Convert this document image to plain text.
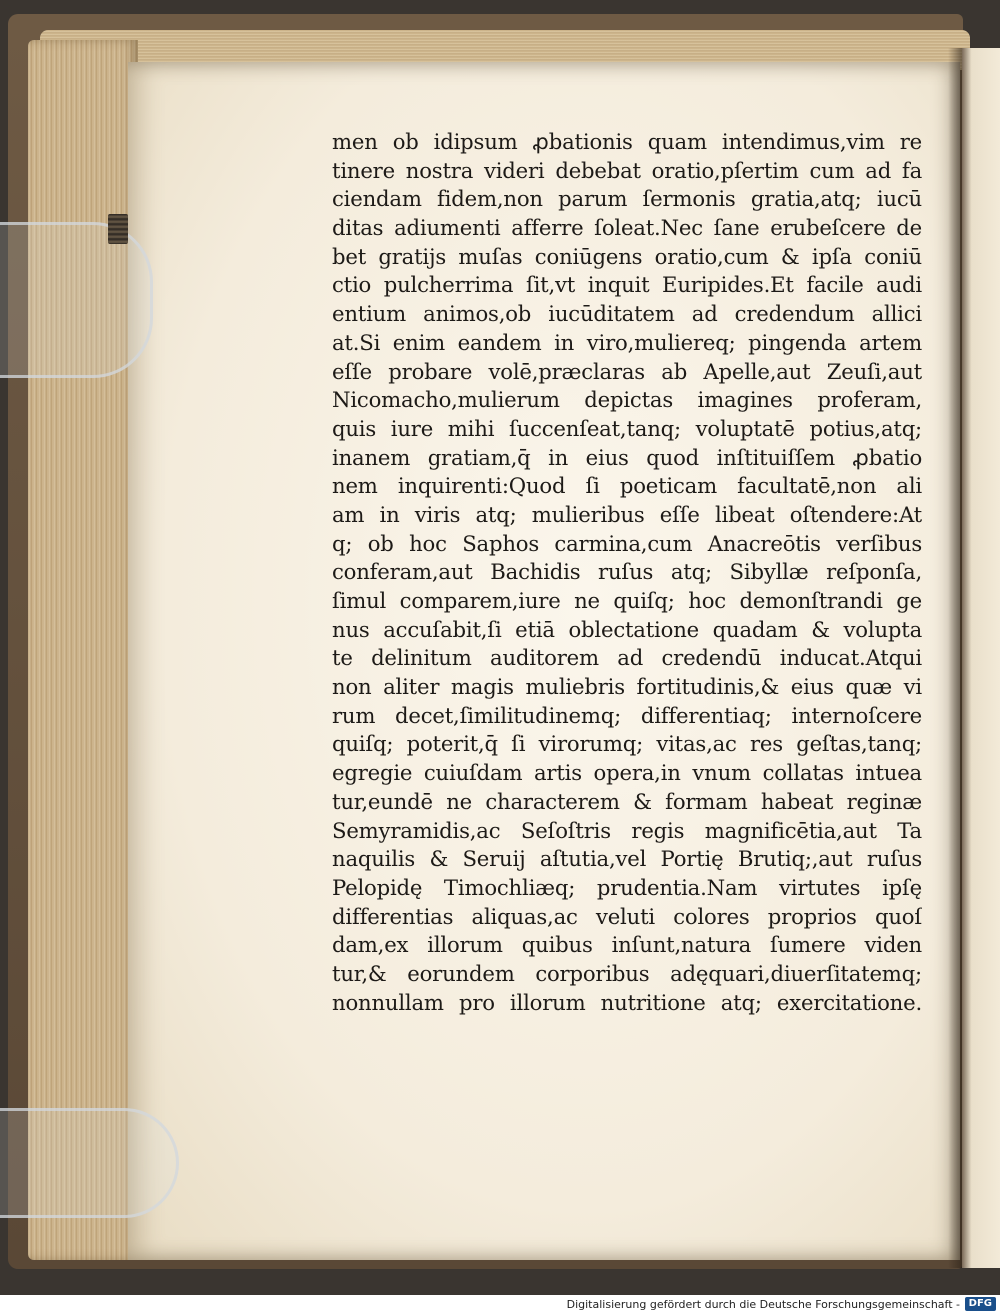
men ob idipsum ꝓbationis quam intendimus,vim re
tinere nostra videri debebat oratio,pſertim cum ad fa
ciendam fidem,non parum ſermonis gratia,atq; iucū
ditas adiumenti afferre ſoleat.Nec ſane erubeſcere de
bet gratijs muſas coniūgens oratio,cum & ipſa coniū
ctio pulcherrima ſit,vt inquit Euripides.Et facile audi
entium animos,ob iucūditatem ad credendum allici
at.Si enim eandem in viro,muliereq; pingenda artem
eſſe probare volē,præclaras ab Apelle,aut Zeuſi,aut
Nicomacho,mulierum depictas imagines proferam,
quis iure mihi ſuccenſeat,tanq; voluptatē potius,atq;
inanem gratiam,q̄ in eius quod inſtituiſſem ꝓbatio
nem inquirenti:Quod ſi poeticam facultatē,non ali
am in viris atq; mulieribus eſſe libeat oſtendere:At
q; ob hoc Saphos carmina,cum Anacreōtis verſibus
conferam,aut Bachidis ruſus atq; Sibyllæ reſponſa,
ſimul comparem,iure ne quiſq; hoc demonſtrandi ge
nus accuſabit,ſi etiā oblectatione quadam & volupta
te delinitum auditorem ad credendū inducat.Atqui
non aliter magis muliebris fortitudinis,& eius quæ vi
rum decet,ſimilitudinemq; differentiaq; internoſcere
quiſq; poterit,q̄ ſi virorumq; vitas,ac res geſtas,tanq;
egregie cuiuſdam artis opera,in vnum collatas intuea
tur,eundē ne characterem & formam habeat reginæ
Semyramidis,ac Seſoſtris regis magnificētia,aut Ta
naquilis & Seruij aſtutia,vel Portię Brutiq;,aut ruſus
Pelopidę Timochliæq; prudentia.Nam virtutes ipſę
differentias aliquas,ac veluti colores proprios quoſ
dam,ex illorum quibus inſunt,natura ſumere viden
tur,& eorundem corporibus adęquari,diuerſitatemq;
nonnullam pro illorum nutritione atq; exercitatione.
Digitalisierung gefördert durch die Deutsche Forschungsgemeinschaft - DFG
